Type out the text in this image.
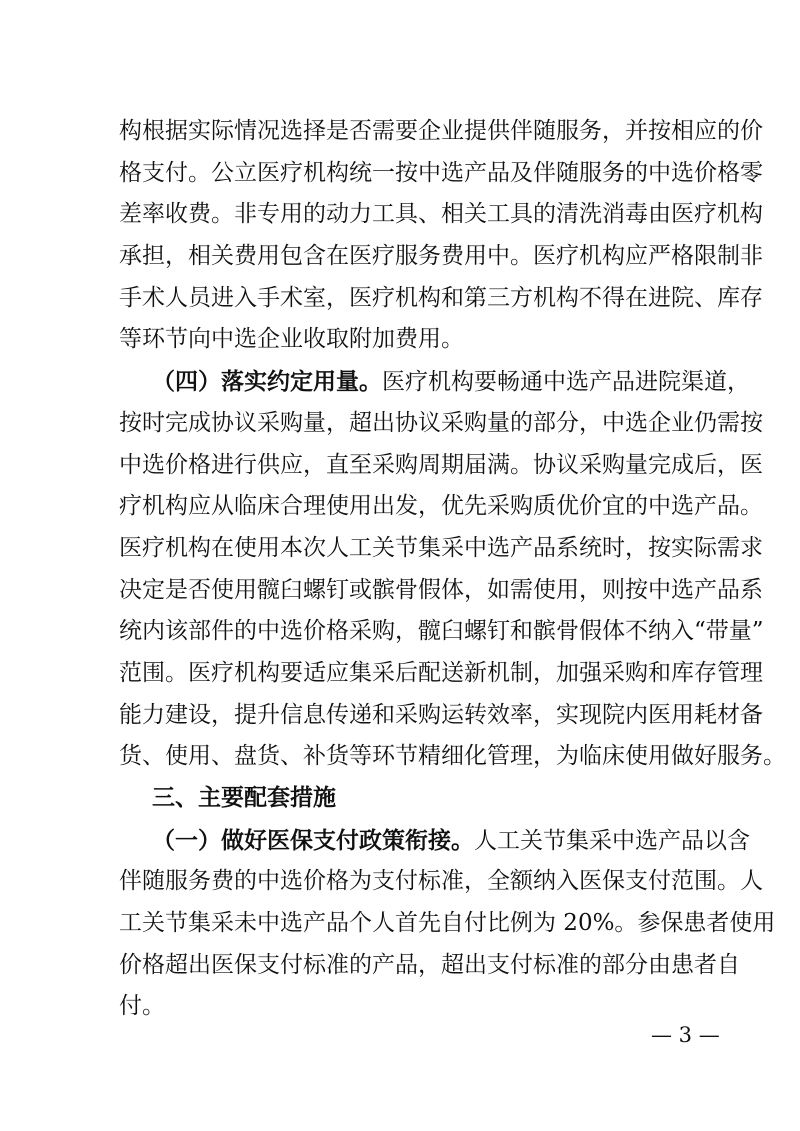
构根据实际情况选择是否需要企业提供伴随服务，并按相应的价
格支付。公立医疗机构统一按中选产品及伴随服务的中选价格零
差率收费。非专用的动力工具、相关工具的清洗消毒由医疗机构
承担，相关费用包含在医疗服务费用中。医疗机构应严格限制非
手术人员进入手术室，医疗机构和第三方机构不得在进院、库存
等环节向中选企业收取附加费用。
（四）落实约定用量。医疗机构要畅通中选产品进院渠道，
按时完成协议采购量，超出协议采购量的部分，中选企业仍需按
中选价格进行供应，直至采购周期届满。协议采购量完成后，医
疗机构应从临床合理使用出发，优先采购质优价宜的中选产品。
医疗机构在使用本次人工关节集采中选产品系统时，按实际需求
决定是否使用髋臼螺钉或髌骨假体，如需使用，则按中选产品系
统内该部件的中选价格采购，髋臼螺钉和髌骨假体不纳入“带量”
范围。医疗机构要适应集采后配送新机制，加强采购和库存管理
能力建设，提升信息传递和采购运转效率，实现院内医用耗材备
货、使用、盘货、补货等环节精细化管理，为临床使用做好服务。
三、主要配套措施
（一）做好医保支付政策衔接。人工关节集采中选产品以含
伴随服务费的中选价格为支付标准，全额纳入医保支付范围。人
工关节集采未中选产品个人首先自付比例为 20%。参保患者使用
价格超出医保支付标准的产品，超出支付标准的部分由患者自
付。
— 3 —
